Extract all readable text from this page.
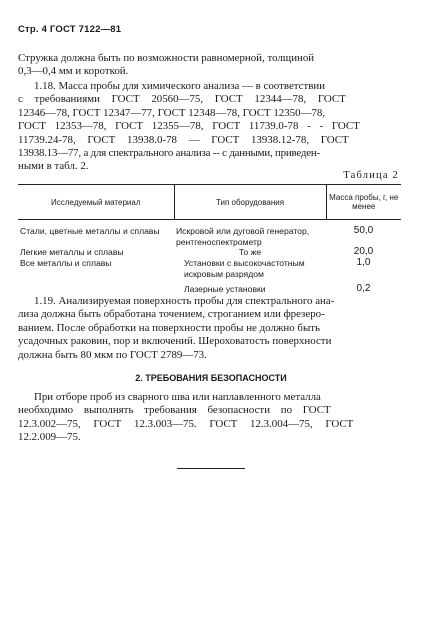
Стр. 4 ГОСТ 7122—81
Стружка должна быть по возможности равномерной, толщиной
0,3—0,4 мм и короткой.
1.18. Масса пробы для химического анализа — в соответствии
с требованиями ГОСТ 20560—75, ГОСТ 12344—78, ГОСТ
12346—78, ГОСТ 12347—77, ГОСТ 12348—78, ГОСТ 12350—78,
ГОСТ 12353—78, ГОСТ 12355—78, ГОСТ 11739.0-78 - - ГОСТ
11739.24-78, ГОСТ 13938.0-78 — ГОСТ 13938.12-78, ГОСТ
13938.13—77, а для спектрального анализа -- с данными, приведен-
ными в табл. 2.
Таблица 2
Исследуемый материал	Тип оборудования	Масса пробы, г, не менее
Стали, цветные металлы и сплавы	Искровой или дуговой генератор, рентгеноспектрометр	50,0
Легкие металлы и сплавы	То же	20,0
Все металлы и сплавы	Установки с высокочастотным искровым разрядом	1,0
	Лазерные установки	0,2
1.19. Анализируемая поверхность пробы для спектрального ана-
лиза должна быть обработана точением, строганием или фрезеро-
ванием. После обработки на поверхности пробы не должно быть
усадочных раковин, пор и включений. Шероховатость поверхности
должна быть 80 мкм по ГОСТ 2789—73.
2. ТРЕБОВАНИЯ БЕЗОПАСНОСТИ
При отборе проб из сварного шва или наплавленного металла
необходимо выполнять требования безопасности по ГОСТ
12.3.002—75, ГОСТ 12.3.003—75. ГОСТ 12.3.004—75, ГОСТ
12.2.009—75.
